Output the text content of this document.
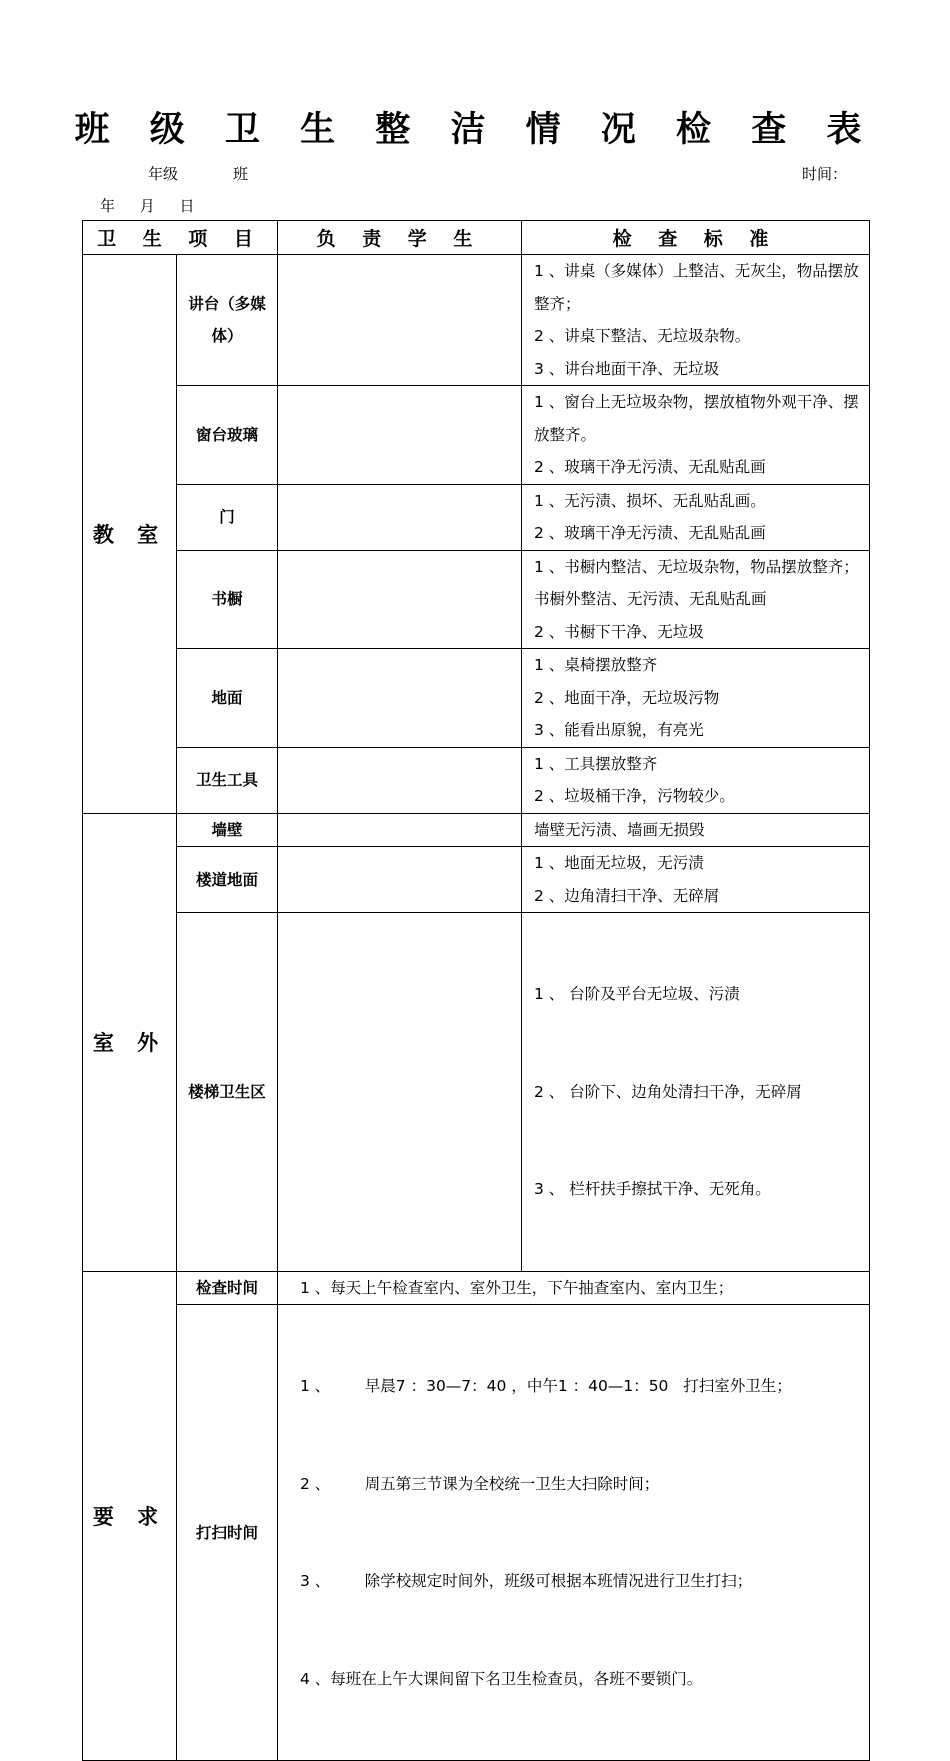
班 级 卫 生 整 洁 情 况 检 查 表
年级	班	时间：
年 月 日
卫 生 项 目		负 责 学 生	检 查 标 准
教 室	讲台（多媒体）		1 、讲桌（多媒体）上整洁、无灰尘，物品摆放整齐；
2 、讲桌下整洁、无垃圾杂物。
3 、讲台地面干净、无垃圾

	窗台玻璃		1 、窗台上无垃圾杂物，摆放植物外观干净、摆放整齐。
2 、玻璃干净无污渍、无乱贴乱画

	门		1 、无污渍、损坏、无乱贴乱画。
2 、玻璃干净无污渍、无乱贴乱画

	书橱		1 、书橱内整洁、无垃圾杂物，物品摆放整齐；书橱外整洁、无污渍、无乱贴乱画
2 、书橱下干净、无垃圾

	地面		1 、桌椅摆放整齐
2 、地面干净，无垃圾污物
3 、能看出原貌，有亮光

	卫生工具		1 、工具摆放整齐
2 、垃圾桶干净，污物较少。

室 外	墙壁		墙壁无污渍、墙画无损毁

	楼道地面		1 、地面无垃圾，无污渍
2 、边角清扫干净、无碎屑

	楼梯卫生区		1 、 台阶及平台无垃圾、污渍

2 、 台阶下、边角处清扫干净，无碎屑

3 、 栏杆扶手擦拭干净、无死角。

要 求	检查时间	1 、每天上午检查室内、室外卫生，下午抽查室内、室内卫生；	

	打扫时间	1 、       早晨7 ：30—7：40 ，中午1 ：40—1：50   打扫室外卫生；

2 、       周五第三节课为全校统一卫生大扫除时间；

3 、       除学校规定时间外，班级可根据本班情况进行卫生打扫；

4 、每班在上午大课间留下名卫生检查员，各班不要锁门。	
